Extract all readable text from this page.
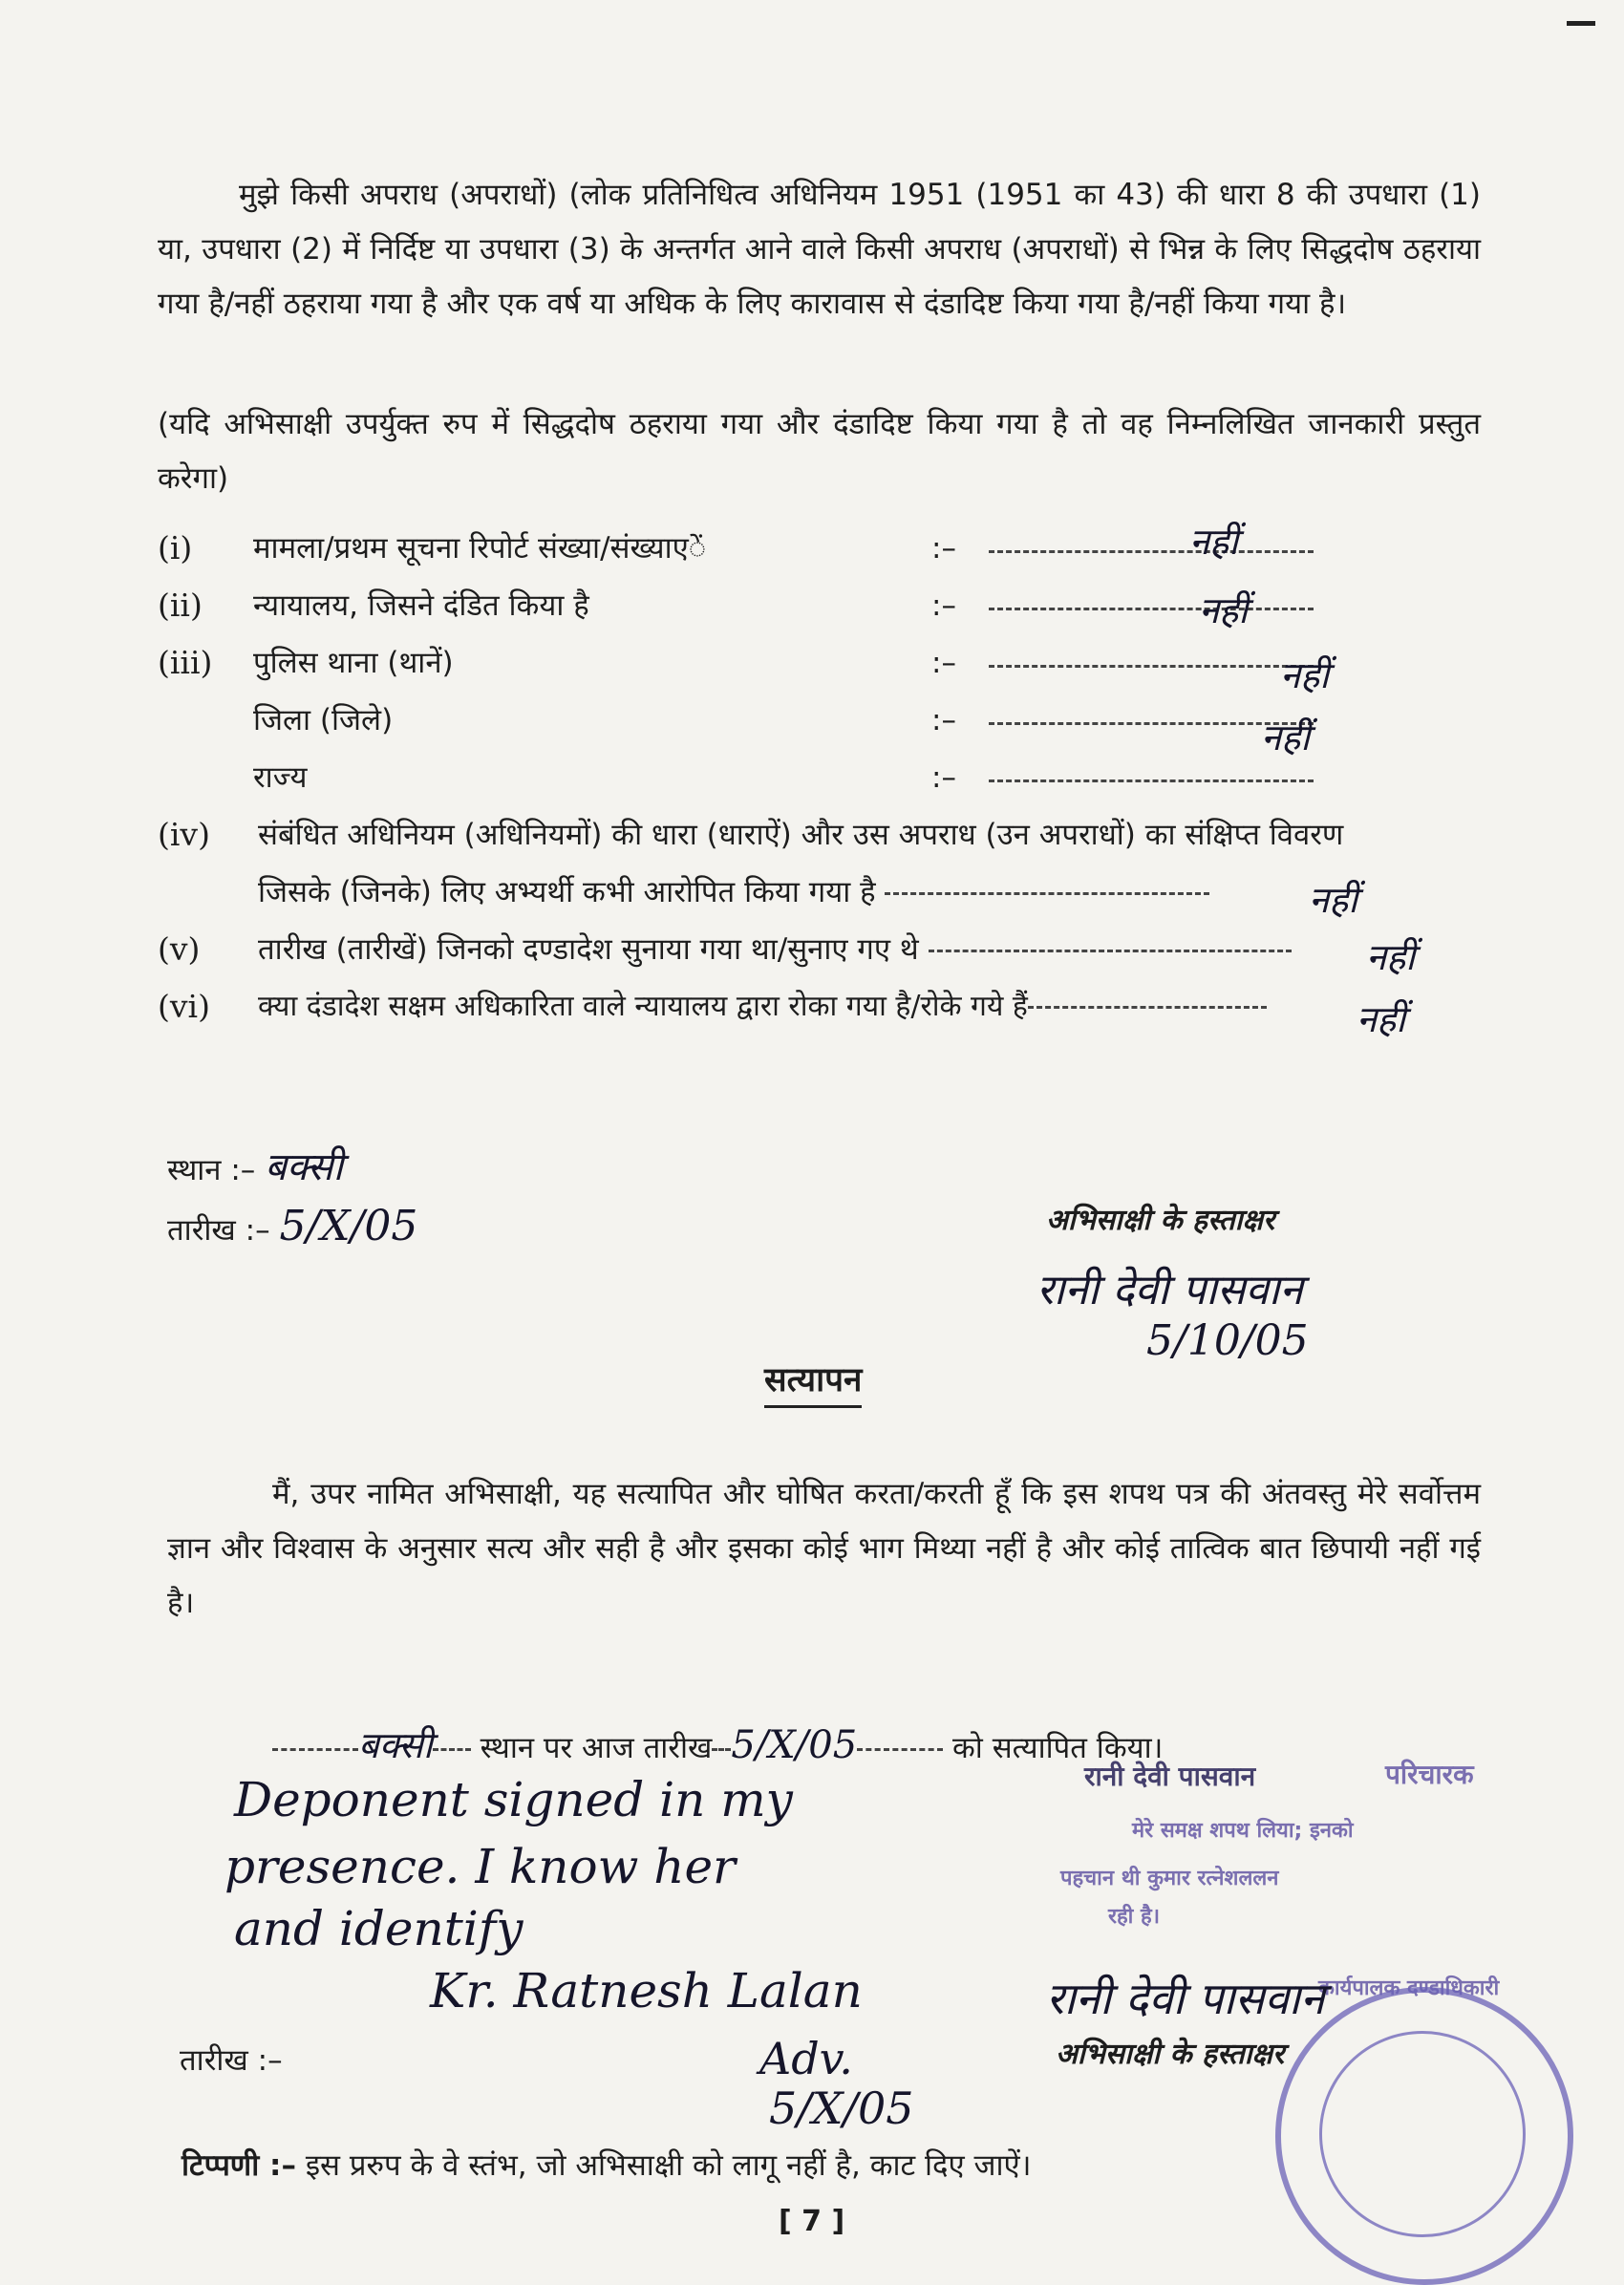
मुझे किसी अपराध (अपराधों) (लोक प्रतिनिधित्व अधिनियम 1951 (1951 का 43) की धारा 8 की उपधारा (1) या, उपधारा (2) में निर्दिष्ट या उपधारा (3) के अन्तर्गत आने वाले किसी अपराध (अपराधों) से भिन्न के लिए सिद्धदोष ठहराया गया है/नहीं ठहराया गया है और एक वर्ष या अधिक के लिए कारावास से दंडादिष्ट किया गया है/नहीं किया गया है।

(यदि अभिसाक्षी उपर्युक्त रुप में सिद्धदोष ठहराया गया और दंडादिष्ट किया गया है तो वह निम्नलिखित जानकारी प्रस्तुत करेगा)

(i) मामला/प्रथम सूचना रिपोर्ट संख्या/संख्याएें	:–	नहीं
(ii) न्यायालय, जिसने दंडित किया है	:–	नहीं
(iii) पुलिस थाना (थानें)	:–	नहीं
जिला (जिले)	:–	नहीं
राज्य	:–
(iv) संबंधित अधिनियम (अधिनियमों) की धारा (धाराऐं) और उस अपराध (उन अपराधों) का संक्षिप्त विवरण
जिसके (जिनके) लिए अभ्यर्थी कभी आरोपित किया गया है	नहीं
(v) तारीख (तारीखें) जिनको दण्डादेश सुनाया गया था/सुनाए गए थे	नहीं
(vi) क्या दंडादेश सक्षम अधिकारिता वाले न्यायालय द्वारा रोका गया है/रोके गये हैं	नहीं
स्थान :– बक्सी
तारीख :– 5/X/05	अभिसाक्षी के हस्ताक्षर
रानी देवी पासवान
5/10/05
सत्यापन

मैं, उपर नामित अभिसाक्षी, यह सत्यापित और घोषित करता/करती हूँ कि इस शपथ पत्र की अंतवस्तु मेरे सर्वोत्तम ज्ञान और विश्वास के अनुसार सत्य और सही है और इसका कोई भाग मिथ्या नहीं है और कोई तात्विक बात छिपायी नहीं गई है।

बक्सी स्थान पर आज तारीख 5/X/05	को सत्यापित किया।
Deponent signed in my
presence. I know her
and identify
Kr. Ratnesh Lalan
Adv.
5/X/05
रानी देवी पासवान	परिचारक
मेरे समक्ष शपथ लिया; इनको
पहचान थी कुमार रत्नेशललन
रही है।
कार्यपालक दण्डाधिकारी
रानी देवी पासवान
तारीख :–	अभिसाक्षी के हस्ताक्षर
टिप्पणी :– इस प्ररुप के वे स्तंभ, जो अभिसाक्षी को लागू नहीं है, काट दिए जाऐं।
[ 7 ]
